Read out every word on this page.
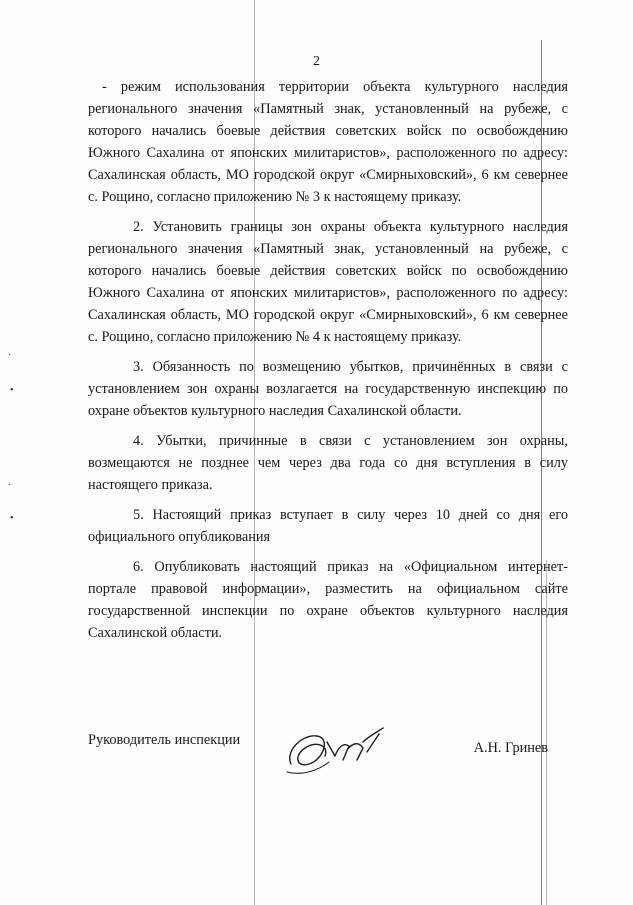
·
•
·
•
2

- режим использования территории объекта культурного наследия регионального значения «Памятный знак, установленный на рубеже, с которого начались боевые действия советских войск по освобождению Южного Сахалина от японских милитаристов», расположенного по адресу: Сахалинская область, МО городской округ «Смирныховский», 6 км севернее с. Рощино, согласно приложению № 3 к настоящему приказу.

2. Установить границы зон охраны объекта культурного наследия регионального значения «Памятный знак, установленный на рубеже, с которого начались боевые действия советских войск по освобождению Южного Сахалина от японских милитаристов», расположенного по адресу: Сахалинская область, МО городской округ «Смирныховский», 6 км севернее с. Рощино, согласно приложению № 4 к настоящему приказу.

3. Обязанность по возмещению убытков, причинённых в связи с установлением зон охраны возлагается на государственную инспекцию по охране объектов культурного наследия Сахалинской области.

4. Убытки, причинные в связи с установлением зон охраны, возмещаются не позднее чем через два года со дня вступления в силу настоящего приказа.

5. Настоящий приказ вступает в силу через 10 дней со дня его официального опубликования

6. Опубликовать настоящий приказ на «Официальном интернет-портале правовой информации», разместить на официальном сайте государственной инспекции по охране объектов культурного наследия Сахалинской области.

Руководитель инспекции	А.Н. Гринев
